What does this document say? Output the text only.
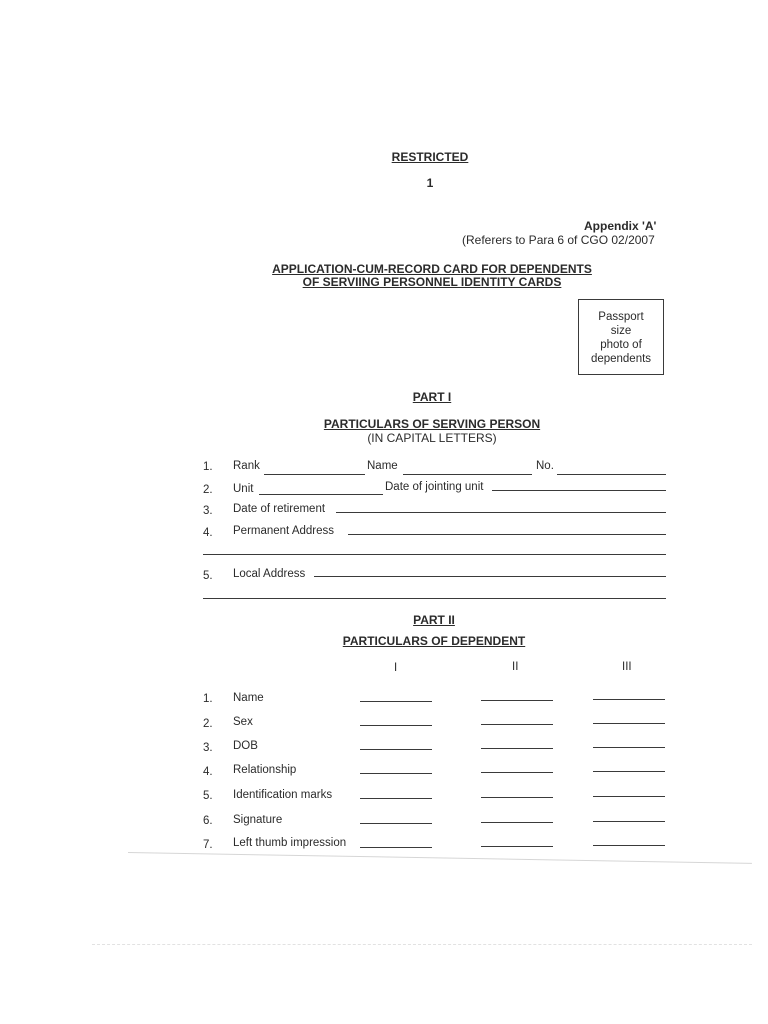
RESTRICTED
1
Appendix 'A'
(Referers to Para 6 of CGO 02/2007
APPLICATION-CUM-RECORD CARD FOR DEPENDENTS
OF SERVIING PERSONNEL IDENTITY CARDS
Passport
size
photo of
dependents
PART I
PARTICULARS OF SERVING PERSON
(IN CAPITAL LETTERS)
1. Rank	Name	No.
2. Unit	Date of jointing unit
3. Date of retirement
4. Permanent Address
5. Local Address
PART II
PARTICULARS OF DEPENDENT
I	II	III
1. Name
2. Sex
3. DOB
4. Relationship
5. Identification marks
6. Signature
7. Left thumb impression
